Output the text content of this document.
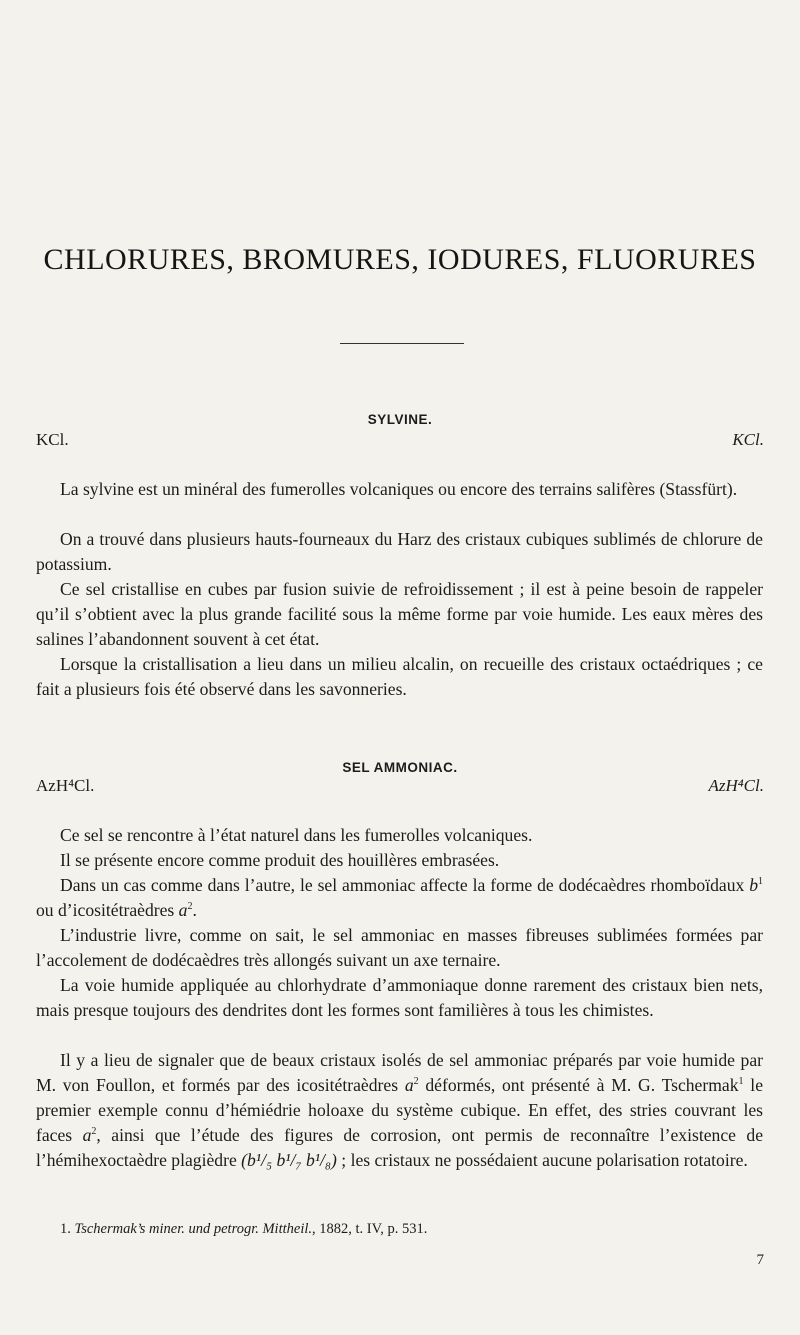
CHLORURES, BROMURES, IODURES, FLUORURES
SYLVINE.
KCl.	KCl.

La sylvine est un minéral des fumerolles volcaniques ou encore des terrains salifères (Stassfürt).

On a trouvé dans plusieurs hauts-fourneaux du Harz des cristaux cubiques sublimés de chlorure de potassium.

Ce sel cristallise en cubes par fusion suivie de refroidissement ; il est à peine besoin de rappeler qu’il s’obtient avec la plus grande facilité sous la même forme par voie humide. Les eaux mères des salines l’abandonnent souvent à cet état.

Lorsque la cristallisation a lieu dans un milieu alcalin, on recueille des cristaux octaédriques ; ce fait a plusieurs fois été observé dans les savonneries.

SEL AMMONIAC.
AzH⁴Cl.	AzH⁴Cl.

Ce sel se rencontre à l’état naturel dans les fumerolles volcaniques.

Il se présente encore comme produit des houillères embrasées.

Dans un cas comme dans l’autre, le sel ammoniac affecte la forme de dodécaèdres rhomboïdaux $b^1$ ou d’icositétraèdres $a^2$.

L’industrie livre, comme on sait, le sel ammoniac en masses fibreuses sublimées formées par l’accolement de dodécaèdres très allongés suivant un axe ternaire.

La voie humide appliquée au chlorhydrate d’ammoniaque donne rarement des cristaux bien nets, mais presque toujours des dendrites dont les formes sont familières à tous les chimistes.

Il y a lieu de signaler que de beaux cristaux isolés de sel ammoniac préparés par voie humide par M. von Foullon, et formés par des icositétraèdres $a^2$ déformés, ont présenté à M. G. Tschermak$^1$ le premier exemple connu d’hémiédrie holoaxe du système cubique. En effet, des stries couvrant les faces $a^2$, ainsi que l’étude des figures de corrosion, ont permis de reconnaître l’existence de l’hémihexoctaèdre plagièdre (b¹/₅ b¹/₇ b¹/₈) ; les cristaux ne possédaient aucune polarisation rotatoire.

1. Tschermak’s miner. und petrogr. Mittheil., 1882, t. IV, p. 531.
7
